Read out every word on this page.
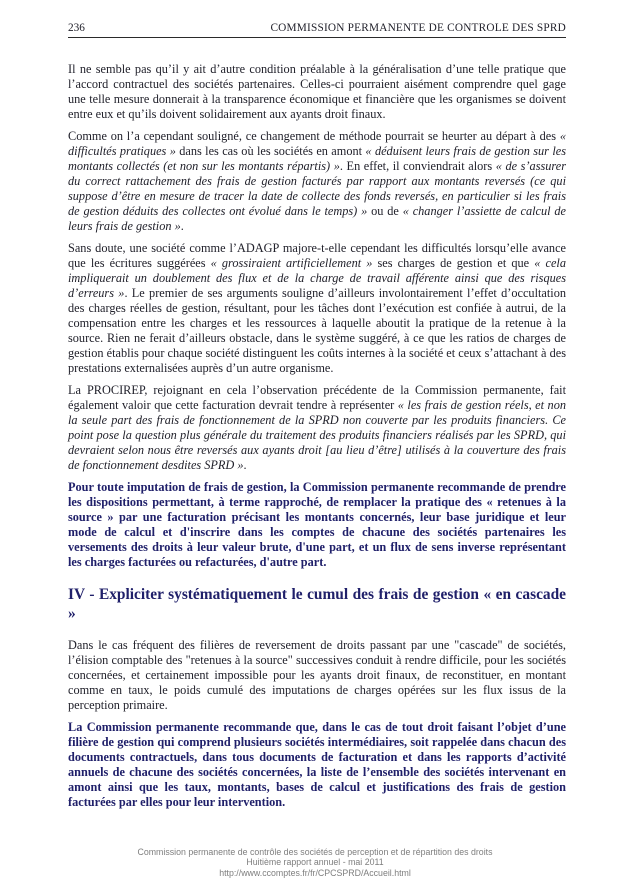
236	COMMISSION PERMANENTE DE CONTROLE DES SPRD

Il ne semble pas qu’il y ait d’autre condition préalable à la généralisation d’une telle pratique que l’accord contractuel des sociétés partenaires. Celles-ci pourraient aisément comprendre quel gage une telle mesure donnerait à la transparence économique et financière que les organismes se doivent entre eux et qu’ils doivent solidairement aux ayants droit finaux.

Comme on l’a cependant souligné, ce changement de méthode pourrait se heurter au départ à des « difficultés pratiques » dans les cas où les sociétés en amont « déduisent leurs frais de gestion sur les montants collectés (et non sur les montants répartis) ». En effet, il conviendrait alors « de s’assurer du correct rattachement des frais de gestion facturés par rapport aux montants reversés (ce qui suppose d’être en mesure de tracer la date de collecte des fonds reversés, en particulier si les frais de gestion déduits des collectes ont évolué dans le temps) » ou de « changer l’assiette de calcul de leurs frais de gestion ».

Sans doute, une société comme l’ADAGP majore-t-elle cependant les difficultés lorsqu’elle avance que les écritures suggérées « grossiraient artificiellement » ses charges de gestion et que « cela impliquerait un doublement des flux et de la charge de travail afférente ainsi que des risques d’erreurs ». Le premier de ses arguments souligne d’ailleurs involontairement l’effet d’occultation des charges réelles de gestion, résultant, pour les tâches dont l’exécution est confiée à autrui, de la compensation entre les charges et les ressources à laquelle aboutit la pratique de la retenue à la source. Rien ne ferait d’ailleurs obstacle, dans le système suggéré, à ce que les ratios de charges de gestion établis pour chaque société distinguent les coûts internes à la société et ceux s’attachant à des prestations externalisées auprès d’un autre organisme.

La PROCIREP, rejoignant en cela l’observation précédente de la Commission permanente, fait également valoir que cette facturation devrait tendre à représenter « les frais de gestion réels, et non la seule part des frais de fonctionnement de la SPRD non couverte par les produits financiers. Ce point pose la question plus générale du traitement des produits financiers réalisés par les SPRD, qui devraient selon nous être reversés aux ayants droit [au lieu d’être] utilisés à la couverture des frais de fonctionnement desdites SPRD ».

Pour toute imputation de frais de gestion, la Commission permanente recommande de prendre les dispositions permettant, à terme rapproché, de remplacer la pratique des « retenues à la source » par une facturation précisant les montants concernés, leur base juridique et leur mode de calcul et d'inscrire dans les comptes de chacune des sociétés partenaires les versements des droits à leur valeur brute, d'une part, et un flux de sens inverse représentant les charges facturées ou refacturées, d'autre part.

IV - Expliciter systématiquement le cumul des frais de gestion « en cascade »

Dans le cas fréquent des filières de reversement de droits passant par une "cascade" de sociétés, l’élision comptable des "retenues à la source" successives conduit à rendre difficile, pour les sociétés concernées, et certainement impossible pour les ayants droit finaux, de reconstituer, en montant comme en taux, le poids cumulé des imputations de charges opérées sur les flux issus de la perception primaire.

La Commission permanente recommande que, dans le cas de tout droit faisant l’objet d’une filière de gestion qui comprend plusieurs sociétés intermédiaires, soit rappelée dans chacun des documents contractuels, dans tous documents de facturation et dans les rapports d’activité annuels de chacune des sociétés concernées, la liste de l’ensemble des sociétés intervenant en amont ainsi que les taux, montants, bases de calcul et justifications des frais de gestion facturées par elles pour leur intervention.

Commission permanente de contrôle des sociétés de perception et de répartition des droits
Huitième rapport annuel - mai 2011
http://www.ccomptes.fr/fr/CPCSPRD/Accueil.html
